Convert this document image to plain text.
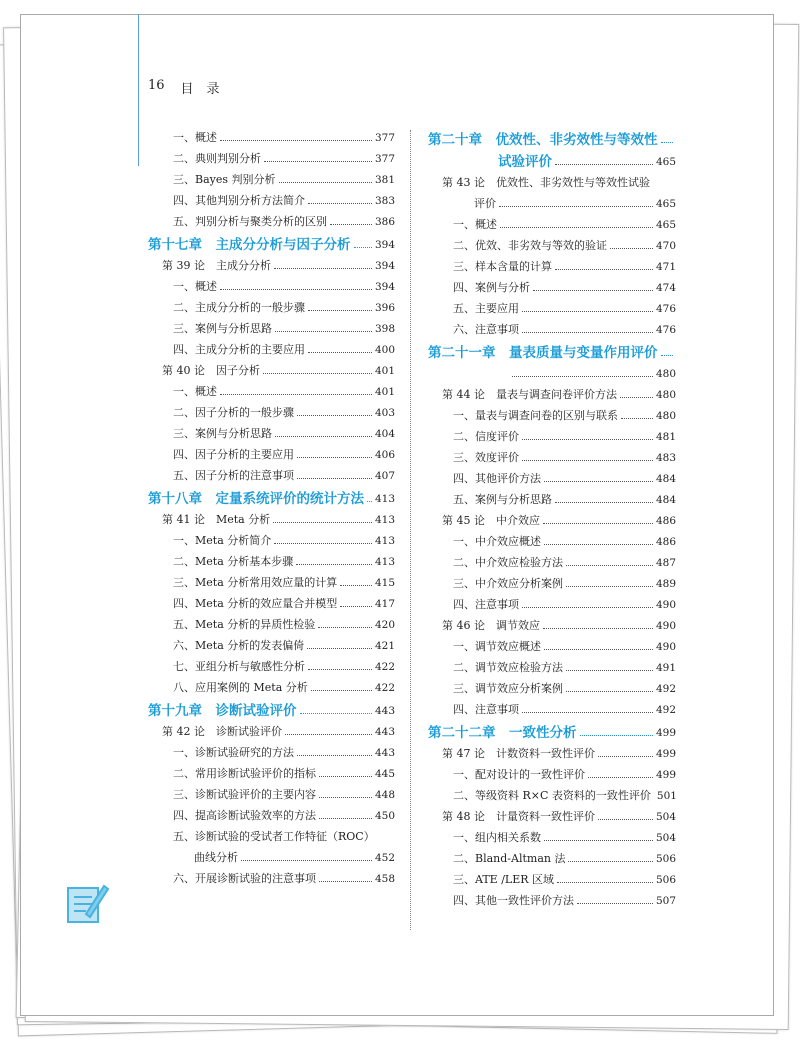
16 目　录
一、概述	377
二、典则判别分析	377
三、Bayes 判别分析	381
四、其他判别分析方法简介	383
五、判别分析与聚类分析的区别	386
第十七章　主成分分析与因子分析 394
第 39 论　主成分分析	394
一、概述	394
二、主成分分析的一般步骤	396
三、案例与分析思路	398
四、主成分分析的主要应用	400
第 40 论　因子分析	401
一、概述	401
二、因子分析的一般步骤	403
三、案例与分析思路	404
四、因子分析的主要应用	406
五、因子分析的注意事项	407
第十八章　定量系统评价的统计方法 413
第 41 论　Meta 分析	413
一、Meta 分析简介	413
二、Meta 分析基本步骤	413
三、Meta 分析常用效应量的计算	415
四、Meta 分析的效应量合并模型	417
五、Meta 分析的异质性检验	420
六、Meta 分析的发表偏倚	421
七、亚组分析与敏感性分析	422
八、应用案例的 Meta 分析	422
第十九章　诊断试验评价	443
第 42 论　诊断试验评价	443
一、诊断试验研究的方法	443
二、常用诊断试验评价的指标	445
三、诊断试验评价的主要内容	448
四、提高诊断试验效率的方法	450
五、诊断试验的受试者工作特征（ROC）
曲线分析	452
六、开展诊断试验的注意事项	458
第二十章　优效性、非劣效性与等效性
试验评价	465
第 43 论　优效性、非劣效性与等效性试验
评价	465
一、概述	465
二、优效、非劣效与等效的验证	470
三、样本含量的计算	471
四、案例与分析	474
五、主要应用	476
六、注意事项	476
第二十一章　量表质量与变量作用评价
480
第 44 论　量表与调查问卷评价方法	480
一、量表与调查问卷的区别与联系	480
二、信度评价	481
三、效度评价	483
四、其他评价方法	484
五、案例与分析思路	484
第 45 论　中介效应	486
一、中介效应概述	486
二、中介效应检验方法	487
三、中介效应分析案例	489
四、注意事项	490
第 46 论　调节效应	490
一、调节效应概述	490
二、调节效应检验方法	491
三、调节效应分析案例	492
四、注意事项	492
第二十二章　一致性分析	499
第 47 论　计数资料一致性评价	499
一、配对设计的一致性评价	499
二、等级资料 R×C 表资料的一致性评价 501
第 48 论　计量资料一致性评价	504
一、组内相关系数	504
二、Bland-Altman 法	506
三、ATE /LER 区域	506
四、其他一致性评价方法	507
